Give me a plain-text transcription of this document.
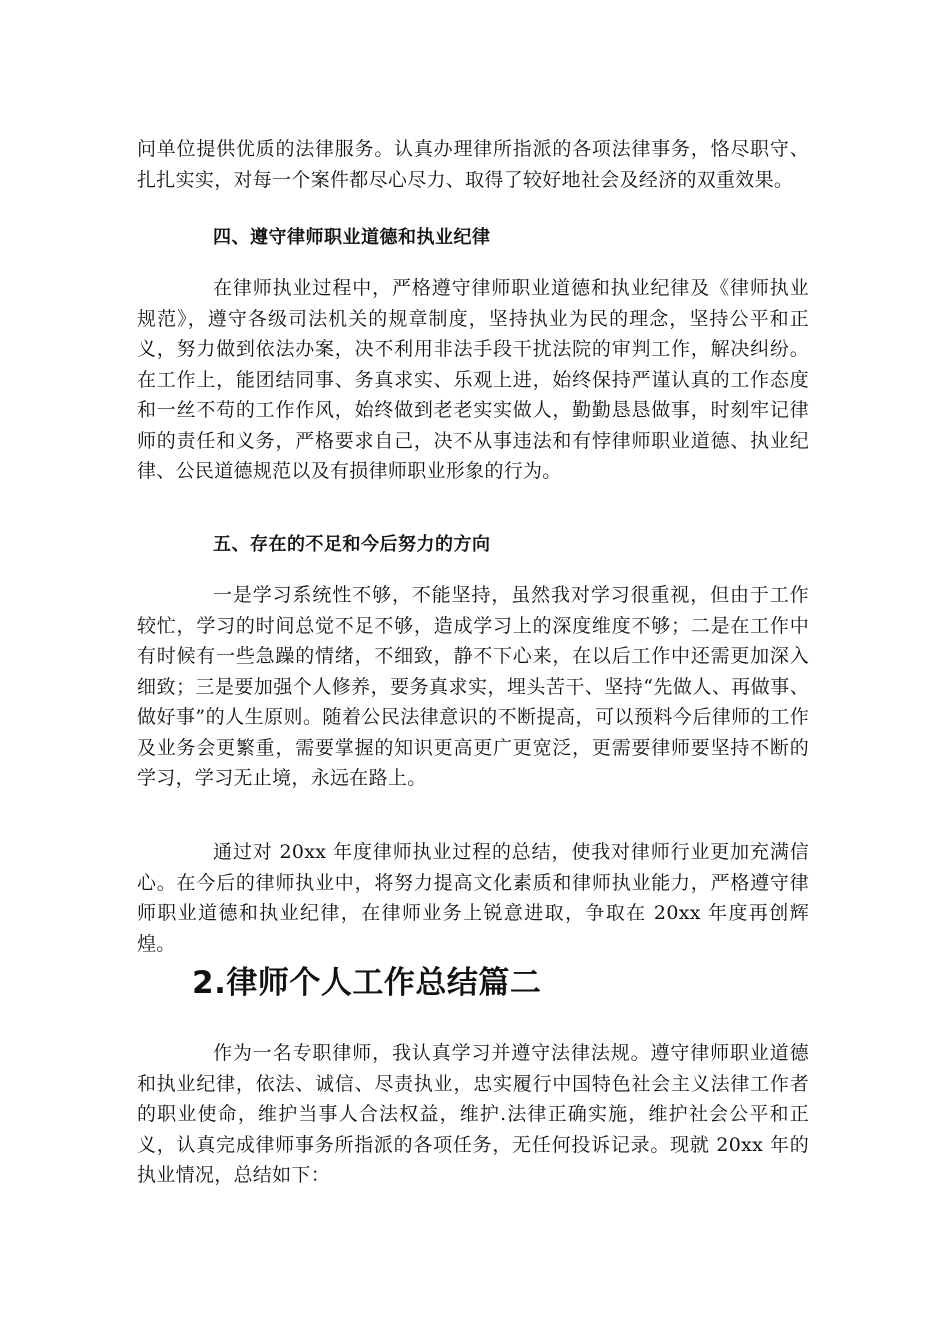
问单位提供优质的法律服务。认真办理律所指派的各项法律事务，恪尽职守、扎扎实实，对每一个案件都尽心尽力、取得了较好地社会及经济的双重效果。

四、遵守律师职业道德和执业纪律

在律师执业过程中，严格遵守律师职业道德和执业纪律及《律师执业规范》，遵守各级司法机关的规章制度，坚持执业为民的理念，坚持公平和正义，努力做到依法办案，决不利用非法手段干扰法院的审判工作，解决纠纷。在工作上，能团结同事、务真求实、乐观上进，始终保持严谨认真的工作态度和一丝不苟的工作作风，始终做到老老实实做人，勤勤恳恳做事，时刻牢记律师的责任和义务，严格要求自己，决不从事违法和有悖律师职业道德、执业纪律、公民道德规范以及有损律师职业形象的行为。

五、存在的不足和今后努力的方向

一是学习系统性不够，不能坚持，虽然我对学习很重视，但由于工作较忙，学习的时间总觉不足不够，造成学习上的深度维度不够；二是在工作中有时候有一些急躁的情绪，不细致，静不下心来，在以后工作中还需更加深入细致；三是要加强个人修养，要务真求实，埋头苦干、坚持“先做人、再做事、做好事”的人生原则。随着公民法律意识的不断提高，可以预料今后律师的工作及业务会更繁重，需要掌握的知识更高更广更宽泛，更需要律师要坚持不断的学习，学习无止境，永远在路上。

通过对 20xx 年度律师执业过程的总结，使我对律师行业更加充满信心。在今后的律师执业中，将努力提高文化素质和律师执业能力，严格遵守律师职业道德和执业纪律，在律师业务上锐意进取，争取在 20xx 年度再创辉煌。

2.律师个人工作总结篇二

作为一名专职律师，我认真学习并遵守法律法规。遵守律师职业道德和执业纪律，依法、诚信、尽责执业，忠实履行中国特色社会主义法律工作者的职业使命，维护当事人合法权益，维护.法律正确实施，维护社会公平和正义，认真完成律师事务所指派的各项任务，无任何投诉记录。现就 20xx 年的执业情况，总结如下：
